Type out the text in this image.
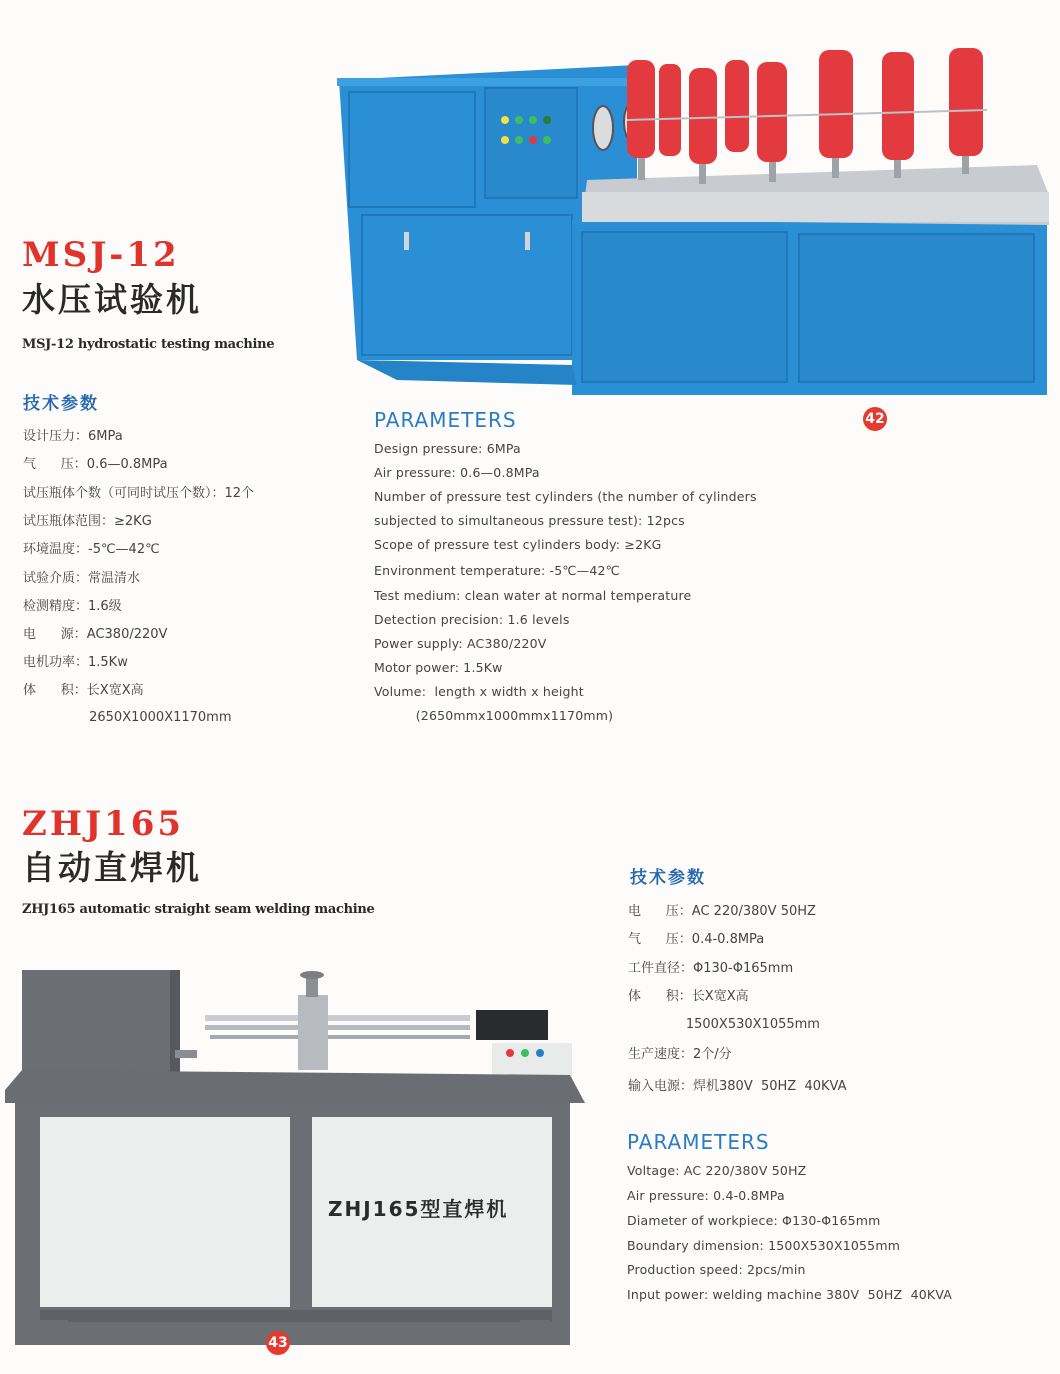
MSJ-12
水压试验机
MSJ-12 hydrostatic testing machine
技术参数
设计压力：6MPa
气      压：0.6—0.8MPa
试压瓶体个数（可同时试压个数）：12个
试压瓶体范围：≥2KG
环境温度：-5℃—42℃
试验介质：常温清水
检测精度：1.6级
电      源：AC380/220V
电机功率：1.5Kw
体      积：长X宽X高
2650X1000X1170mm
PARAMETERS
Design pressure: 6MPa
Air pressure: 0.6—0.8MPa
Number of pressure test cylinders (the number of cylinders
subjected to simultaneous pressure test): 12pcs
Scope of pressure test cylinders body: ≥2KG
Environment temperature: -5℃—42℃
Test medium: clean water at normal temperature
Detection precision: 1.6 levels
Power supply: AC380/220V
Motor power: 1.5Kw
Volume:  length x width x height
(2650mmx1000mmx1170mm)
42
ZHJ165
自动直焊机
ZHJ165 automatic straight seam welding machine
ZHJ165型直焊机
43
技术参数
电      压：AC 220/380V 50HZ
气      压：0.4-0.8MPa
工件直径：Φ130-Φ165mm
体      积：长X宽X高
1500X530X1055mm
生产速度：2个/分
输入电源：焊机380V  50HZ  40KVA
PARAMETERS
Voltage: AC 220/380V 50HZ
Air pressure: 0.4-0.8MPa
Diameter of workpiece: Φ130-Φ165mm
Boundary dimension: 1500X530X1055mm
Production speed: 2pcs/min
Input power: welding machine 380V  50HZ  40KVA
